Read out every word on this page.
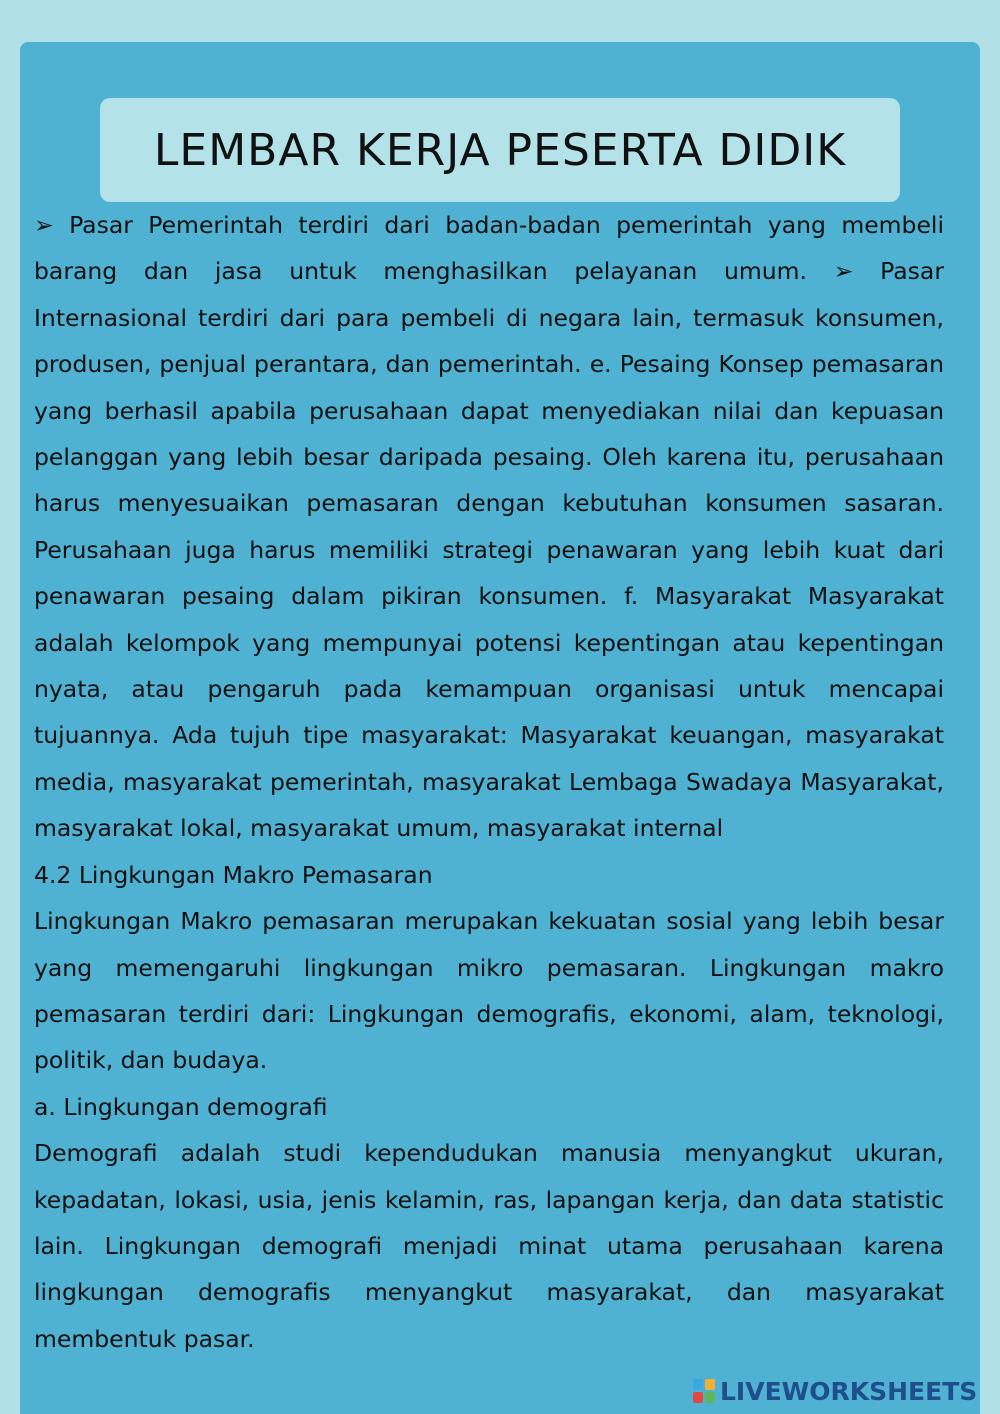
LEMBAR KERJA PESERTA DIDIK

➢ Pasar Pemerintah terdiri dari badan-badan pemerintah yang membeli barang dan jasa untuk menghasilkan pelayanan umum. ➢ Pasar Internasional terdiri dari para pembeli di negara lain, termasuk konsumen, produsen, penjual perantara, dan pemerintah. e. Pesaing Konsep pemasaran yang berhasil apabila perusahaan dapat menyediakan nilai dan kepuasan pelanggan yang lebih besar daripada pesaing. Oleh karena itu, perusahaan harus menyesuaikan pemasaran dengan kebutuhan konsumen sasaran. Perusahaan juga harus memiliki strategi penawaran yang lebih kuat dari penawaran pesaing dalam pikiran konsumen. f. Masyarakat Masyarakat adalah kelompok yang mempunyai potensi kepentingan atau kepentingan nyata, atau pengaruh pada kemampuan organisasi untuk mencapai tujuannya. Ada tujuh tipe masyarakat: Masyarakat keuangan, masyarakat media, masyarakat pemerintah, masyarakat Lembaga Swadaya Masyarakat, masyarakat lokal, masyarakat umum, masyarakat internal

4.2 Lingkungan Makro Pemasaran

Lingkungan Makro pemasaran merupakan kekuatan sosial yang lebih besar yang memengaruhi lingkungan mikro pemasaran. Lingkungan makro pemasaran terdiri dari: Lingkungan demografis, ekonomi, alam, teknologi, politik, dan budaya.

a. Lingkungan demografi

Demografi adalah studi kependudukan manusia menyangkut ukuran, kepadatan, lokasi, usia, jenis kelamin, ras, lapangan kerja, dan data statistic lain. Lingkungan demografi menjadi minat utama perusahaan karena lingkungan demografis menyangkut masyarakat, dan masyarakat membentuk pasar.

LIVEWORKSHEETS
